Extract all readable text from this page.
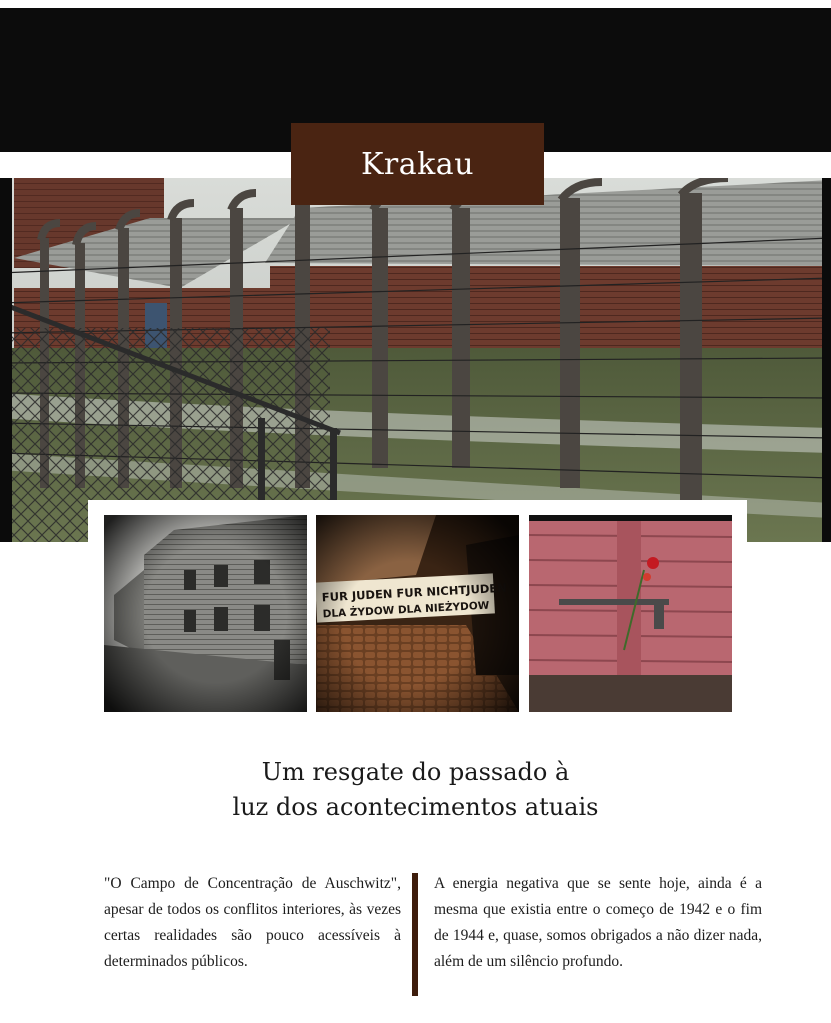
Krakau
Um resgate do passado à
luz dos acontecimentos atuais
"O Campo de Concentração de Auschwitz", apesar de todos os conflitos interiores, às vezes certas realidades são pouco acessíveis à determinados públicos.
A energia negativa que se sente hoje, ainda é a mesma que existia entre o começo de 1942 e o fim de 1944 e, quase, somos obrigados a não dizer nada, além de um silêncio profundo.
